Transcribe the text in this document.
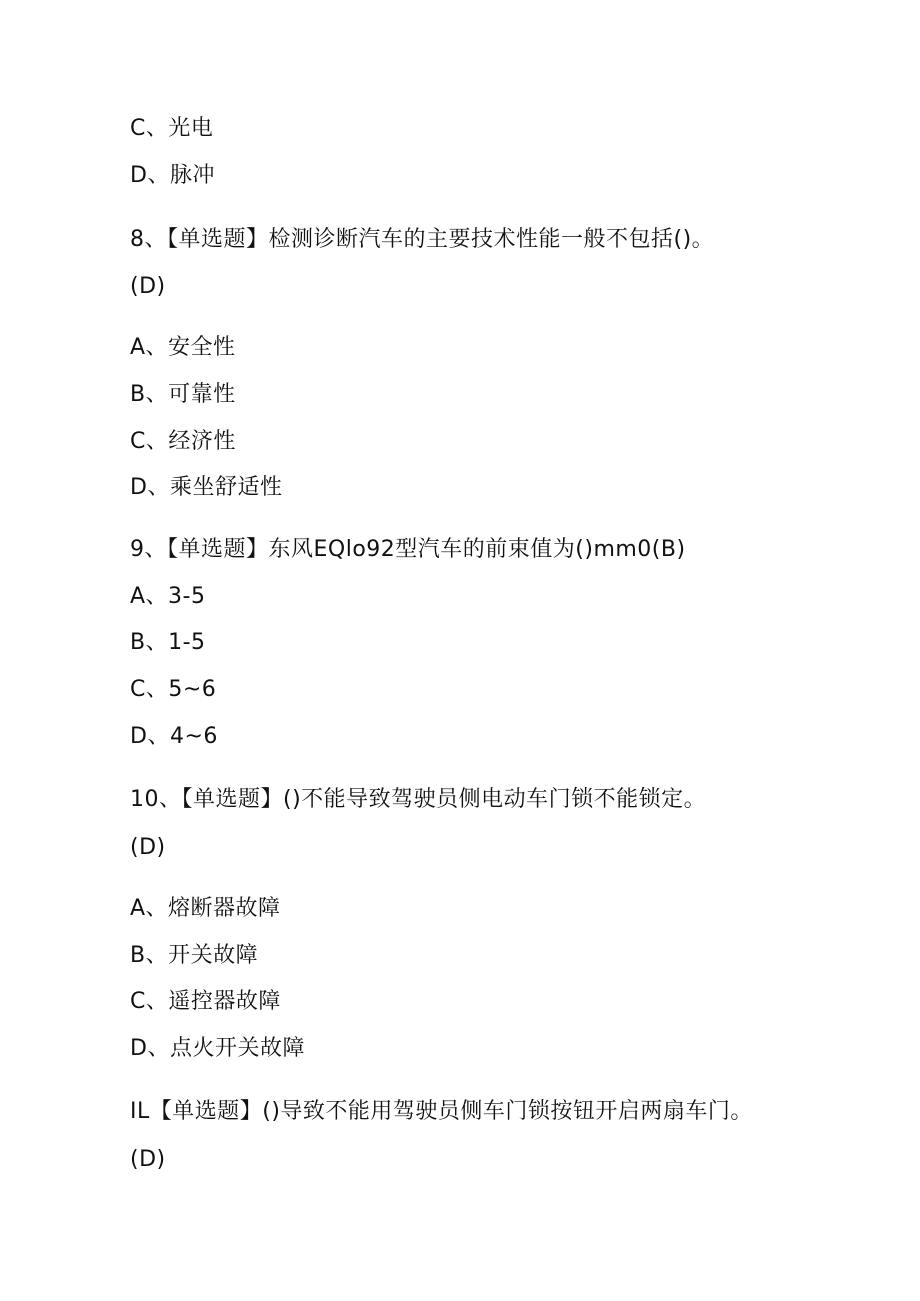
C、光电
D、脉冲
8、【单选题】检测诊断汽车的主要技术性能一般不包括()。
(D)
A、安全性
B、可靠性
C、经济性
D、乘坐舒适性
9、【单选题】东风EQlo92型汽车的前束值为()mm0(B)
A、3-5
B、1-5
C、5~6
D、4~6
10、【单选题】()不能导致驾驶员侧电动车门锁不能锁定。
(D)
A、熔断器故障
B、开关故障
C、遥控器故障
D、点火开关故障
IL【单选题】()导致不能用驾驶员侧车门锁按钮开启两扇车门。
(D)
